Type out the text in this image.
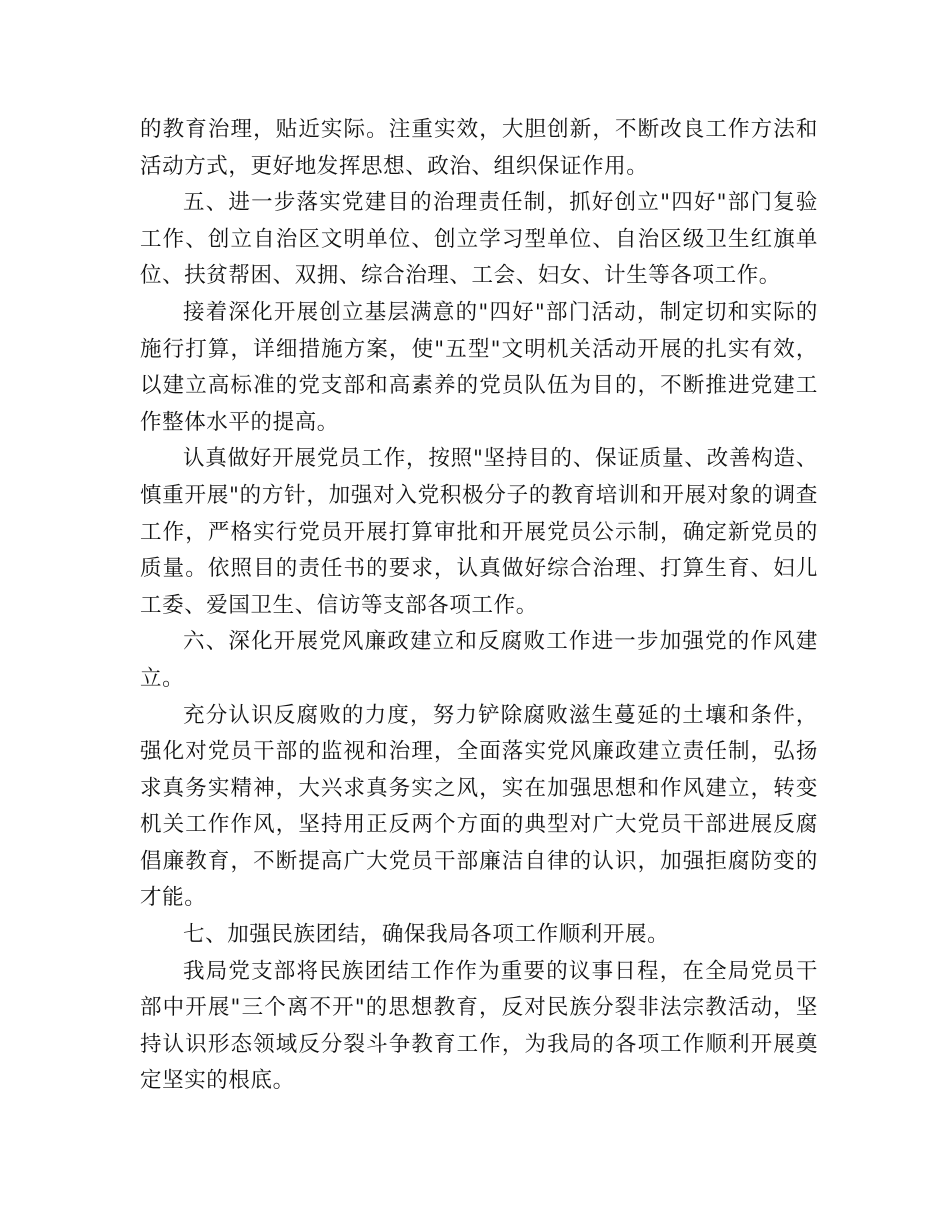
的教育治理，贴近实际。注重实效，大胆创新，不断改良工作方法和活动方式，更好地发挥思想、政治、组织保证作用。

五、进一步落实党建目的治理责任制，抓好创立"四好"部门复验工作、创立自治区文明单位、创立学习型单位、自治区级卫生红旗单位、扶贫帮困、双拥、综合治理、工会、妇女、计生等各项工作。

接着深化开展创立基层满意的"四好"部门活动，制定切和实际的施行打算，详细措施方案，使"五型"文明机关活动开展的扎实有效，以建立高标准的党支部和高素养的党员队伍为目的，不断推进党建工作整体水平的提高。

认真做好开展党员工作，按照"坚持目的、保证质量、改善构造、慎重开展"的方针，加强对入党积极分子的教育培训和开展对象的调查工作，严格实行党员开展打算审批和开展党员公示制，确定新党员的质量。依照目的责任书的要求，认真做好综合治理、打算生育、妇儿工委、爱国卫生、信访等支部各项工作。

六、深化开展党风廉政建立和反腐败工作进一步加强党的作风建立。

充分认识反腐败的力度，努力铲除腐败滋生蔓延的土壤和条件，强化对党员干部的监视和治理，全面落实党风廉政建立责任制，弘扬求真务实精神，大兴求真务实之风，实在加强思想和作风建立，转变机关工作作风，坚持用正反两个方面的典型对广大党员干部进展反腐倡廉教育，不断提高广大党员干部廉洁自律的认识，加强拒腐防变的才能。

七、加强民族团结，确保我局各项工作顺利开展。

我局党支部将民族团结工作作为重要的议事日程，在全局党员干部中开展"三个离不开"的思想教育，反对民族分裂非法宗教活动，坚持认识形态领域反分裂斗争教育工作，为我局的各项工作顺利开展奠定坚实的根底。
